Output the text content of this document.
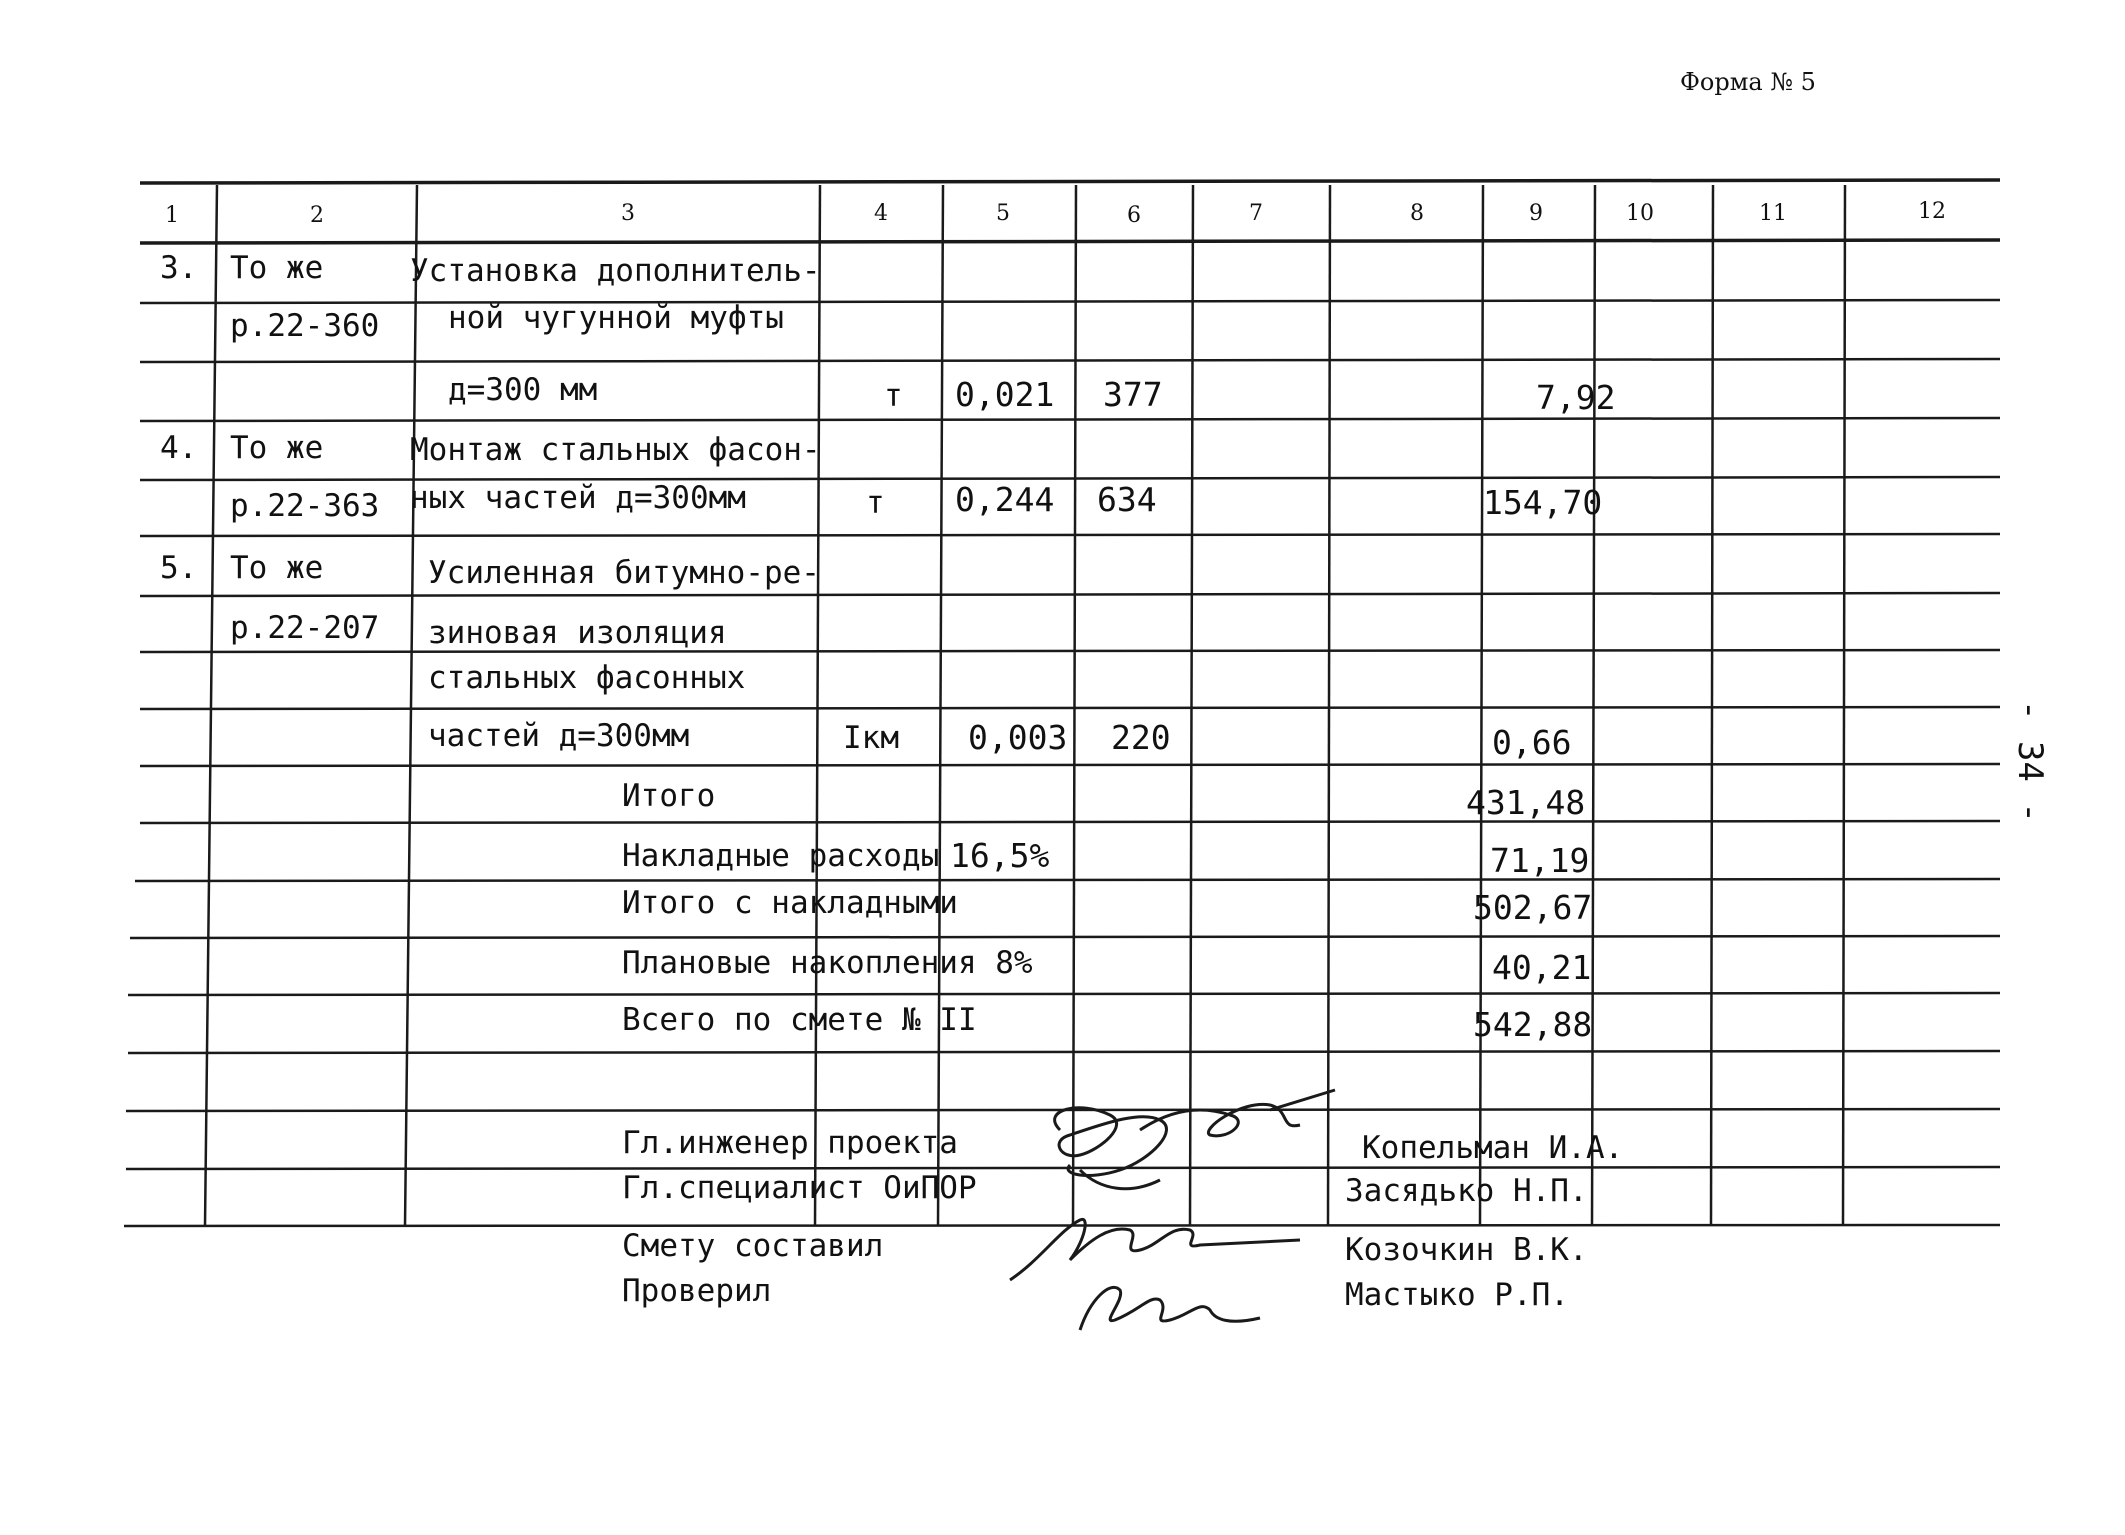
Форма № 5
- 34 -
1	2	3	4	5	6	7	8	9	10	11	12
3. То же
р.22-360
Установка дополнитель-
ной чугунной муфты
д=300 мм	т 0,021 377	7,92
4. То же
р.22-363
Монтаж стальных фасон-
ных частей д=300мм	т 0,244 634	154,70
5. То же
р.22-207
Усиленная битумно-ре-
зиновая изоляция
стальных фасонных
частей д=300мм	Iкм 0,003 220	0,66
Итого	431,48
Накладные расходы 16,5%	71,19
Итого с накладными	502,67
Плановые накопления 8%	40,21
Всего по смете № II	542,88
Гл.инженер проекта	Копельман И.А.
Гл.специалист ОиПОР	Засядько Н.П.
Смету составил	Козочкин В.К.
Проверил	Мастыко Р.П.
